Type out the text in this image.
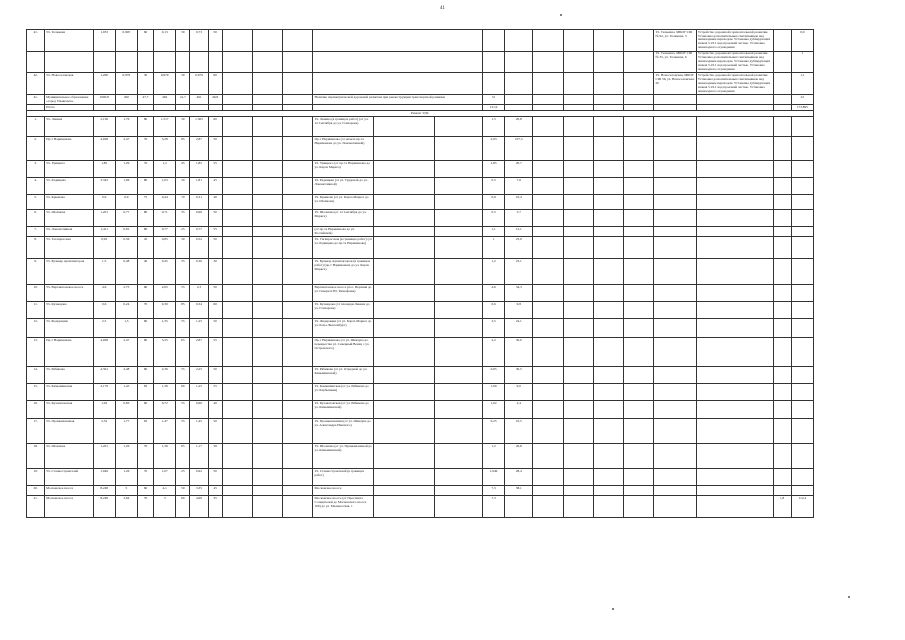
41
41.	Ул. Тельмана	1,033	0,995	60	0,13	30	0,73	50													Ул. Тельмана, МБОУ СШ № 62, ул. Тельмана, 3	Устройство дорожной горизонтальной разметки. Установка дополнительных светильников над пешеходным переходом. Установка дублирующих знаков 5.19.1 над проезжей частью. Установка пешеходного ограждения		0,9
																					Ул. Тельмана, МБОУ СШ № 35, ул. Тельмана, 6	Устройство дорожной горизонтальной разметки. Установка дополнительных светильников над пешеходным переходом. Установка дублирующих знаков 5.19.1 над проезжей частью. Установка пешеходного ограждения		1
42.	Ул. Новоселовская	1,200	0,979	30	0,979	30	0,979	60													Ул. Новоселовская, МБОУ СШ 56, ул. Новоселовская, 20	Устройство дорожной горизонтальной разметки. Установка дополнительных светильников над пешеходным переходом. Установка дублирующих знаков 5.19.1 над проезжей частью. Установка пешеходного ограждения		1,1
41.	Муниципальное образование «город Ульяновск»	1000,8	450	47,7	462	41,7	491	46,8				Наличие параметрической дорожной разметки при реконструкции транспортной развязки			31									22
	Итого														131,9									173,895
Ремонт УДС																								
1.	Ул. Ленина	2,136	1,76	80	1,517	30	1,365	60				Ул. Ленина (в границах работ) (от ул. 12 Сентября до ул. Гончарова)			1,5	20,8								
2.	Пр-т Нариманова	4,928	2,47	70	3,28	85	2,87	50				Пр-т Нариманова (от начала пр-та Нариманова до ул. Локомотивной)			2,93	107,3								
3.	Ул. Урицкого	1,85	1,29	70	1,2	45	1,85	55				Ул. Урицкого (от пр-та Нариманова до ул. Карла Маркса)			1,85	20,7								
4.	Ул. Радищева	3,343	1,06	80	1,03	30	1,81	45				Ул. Радищева (от ул. Трудовой до ул. Локомотивной)			0,5	7,6								
5.	Ул. Крымова	0,9	0,9	75	0,44	70	0,31	40				Ул. Крымова (от ул. Карла Маркса до ул. Шолмова)			0,9	10,4								
6.	Ул. Шолмова	1,201	0,77	80	0,71	35	0,69	50				Ул. Шолмова (от 12 Сентября до ул. Маркса)			0,5	5,7								
7.	Ул. Локомотивная	1,411	0,81	80	0,77	25	0,77	55				(от пр-та Нариманова до ул. Российской)			1,1	12,1								
8.	Ул. Таганрогская	0,95	0,56	45	0,85	30	0,52	50				Ул. Таганрогская (в границах работ) (от ул. Радищева до пр-та Нариманова)			1	23,9								
9.	Ул. Бульвар Архитекторов	1,5	0,48	40	0,45	35	0,36	30				Ул. Бульвар Архитекторов (в границах работ) (пр-т Нариманова до ул. Карла Маркса)			1,2	23,1								
10.	Ул. Верхнеполевое шоссе	4,6	2,75	60	2,65	55	2,3	50				Верхнеполевое шоссе (пос. Верхняя до ул. Генерала Ю. Тимофеева)			4,6	34,3								
11.	Ул. Кузнецова	0,6	0,24	70	0,39	85	0,34	60				Ул. Кузнецова (от площади Ленина до ул. Гончарова)			0,6	9,8								
12.	Ул. Федерации	2,5	1,3	60	1,35	55	1,25	50				Ул. Федерации (от ул. Карла Маркса до ул. Розы Люксембург)			2,5	24,1								
13.	Пр-т Нариманова	4,928	2,47	60	3,25	65	2,87	55				Пр-т Нариманова (от ул. Шевчука до перекрестка ул. Северный Венец с ул. Островского)			2,2	30,0								
14.	Ул. Рябикова	4,301	2,48	60	2,36	55	2,25	50				Ул. Рябикова (от ул. Отрадной до ул. Камышинской)			0,65	30,5								
15.	Ул. Камышинская	2,179	1,45	65	1,36	60	1,25	55				Ул. Камышинская (от ул. Рябикова до ул. Карбышева)			1,09	9,0								
16.	Ул. Кузоватовская	1,02	0,83	60	0,72	55	0,66	40				Ул. Кузоватовская (от ул. Рябикова до ул. Камышинской)			1,02	2,4								
17.	Ул. Промышленная	2,52	1,77	65	1,47	55	1,45	50				Ул. Промышленная (от ул. Шевчука до ул. Александра Невского)			0,25	10,5								
18.	Ул. Шолмова	1,201	1,26	70	1,36	65	1,17	58				Ул. Шолмова (от ул. Промышленной до ул. Камышинской)			1,2	26,8								
19.	Ул. Станкостроителей	1,949	1,26	70	1,07	25	0,92	50				Ул. Станкостроителей (в границах работ)			1,949	28,4								
20.	Московское шоссе	8,248	5	60	4,1	50	3,35	45				Московское шоссе			7,3	38,1								
21.	Московское шоссе	8,248	3,64	70	3	60	4,69	35				Московское шоссе (от Проспекта Созидателей до Московского шоссе 100) до ул. Мелекесская, 1			7,3								1,8	112,4
